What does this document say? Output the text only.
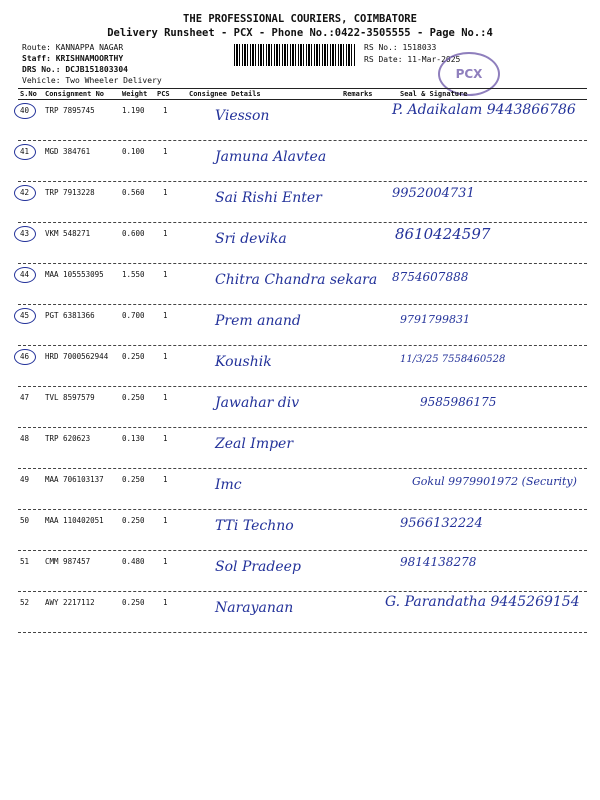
THE PROFESSIONAL COURIERS, COIMBATORE
Delivery Runsheet - PCX - Phone No.:0422-3505555 - Page No.:4
Route: KANNAPPA NAGAR
Staff: KRISHNAMOORTHY
DRS No.: DCJB151803304
Vehicle: Two Wheeler Delivery
RS No.: 1518033
RS Date: 11-Mar-2025
PCX
S.No Consignment No	Weight PCS	Consignee Details	Remarks	Seal & Signature
40 TRP 7895745	1.190 1	Viesson	P. Adaikalam 9443866786
41 MGD 384761	0.100 1	Jamuna Alavtea
42 TRP 7913228	0.560 1	Sai Rishi Enter	9952004731
43 VKM 548271	0.600 1	Sri devika	8610424597
44 MAA 105553095 1.550 1	Chitra Chandra sekara 8754607888
45 PGT 6381366	0.700 1	Prem anand	9791799831
46 HRD 7000562944 0.250 1	Koushik	11/3/25 7558460528
47 TVL 8597579	0.250 1	Jawahar div	9585986175
48 TRP 620623	0.130 1	Zeal Imper
49 MAA 706103137 0.250 1	Imc	Gokul 9979901972 (Security)
50 MAA 110402051 0.250 1	TTi Techno	9566132224
51 CMM 987457	0.480 1	Sol Pradeep	9814138278
52 AWY 2217112	0.250 1	Narayanan	G. Parandatha 9445269154
